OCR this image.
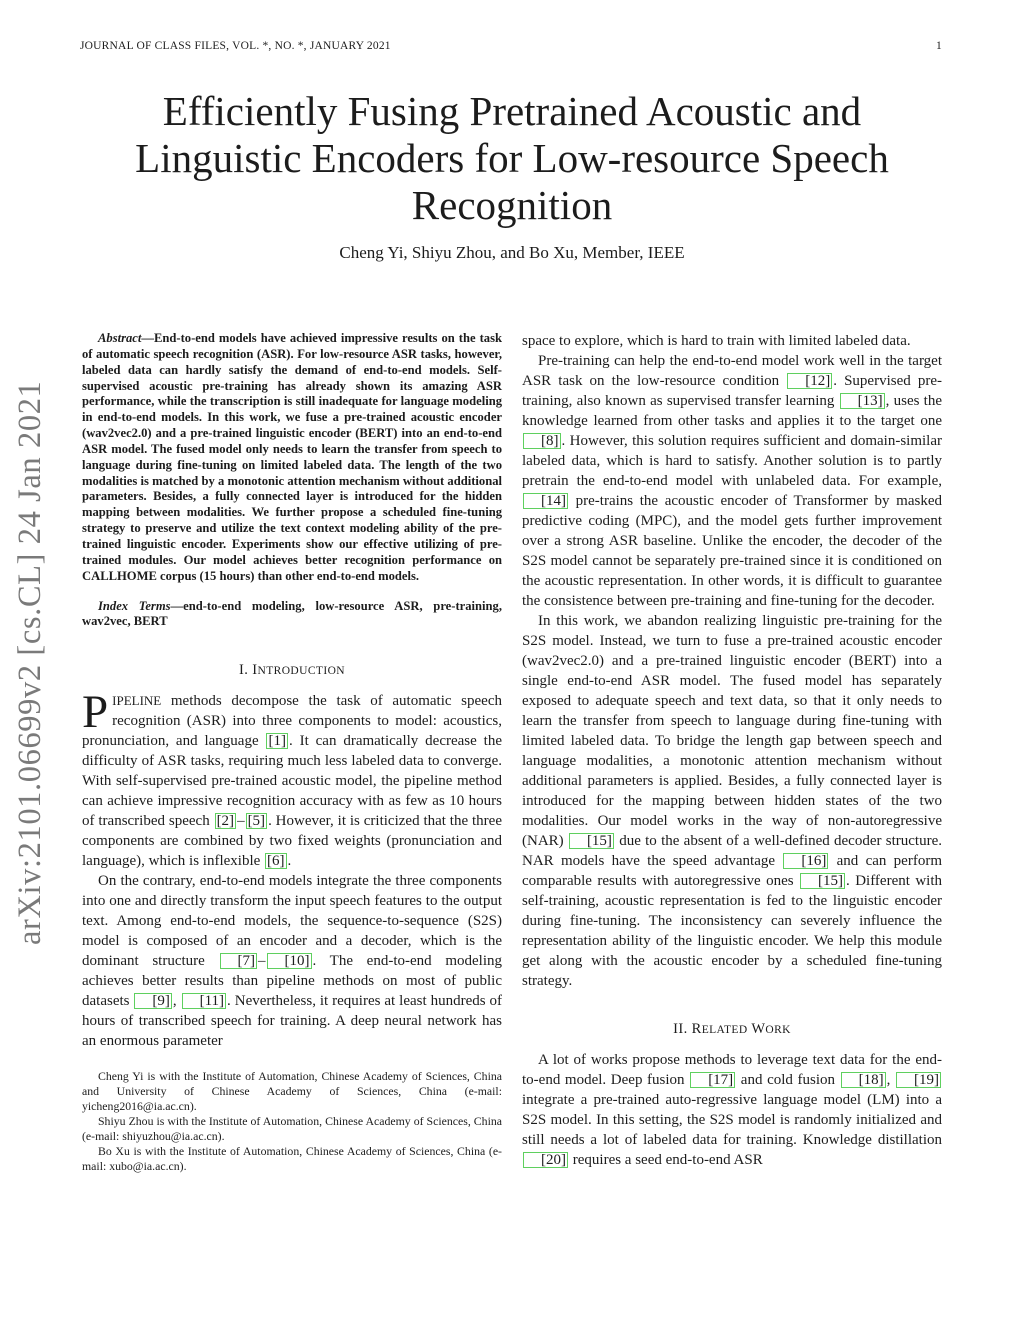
JOURNAL OF CLASS FILES, VOL. *, NO. *, JANUARY 2021	1
Efficiently Fusing Pretrained Acoustic and
Linguistic Encoders for Low-resource Speech
Recognition
Cheng Yi, Shiyu Zhou, and Bo Xu, Member, IEEE
arXiv:2101.06699v2 [cs.CL] 24 Jan 2021

Abstract—End-to-end models have achieved impressive results on the task of automatic speech recognition (ASR). For low-resource ASR tasks, however, labeled data can hardly satisfy the demand of end-to-end models. Self-supervised acoustic pre-training has already shown its amazing ASR performance, while the transcription is still inadequate for language modeling in end-to-end models. In this work, we fuse a pre-trained acoustic encoder (wav2vec2.0) and a pre-trained linguistic encoder (BERT) into an end-to-end ASR model. The fused model only needs to learn the transfer from speech to language during fine-tuning on limited labeled data. The length of the two modalities is matched by a monotonic attention mechanism without additional parameters. Besides, a fully connected layer is introduced for the hidden mapping between modalities. We further propose a scheduled fine-tuning strategy to preserve and utilize the text context modeling ability of the pre-trained linguistic encoder. Experiments show our effective utilizing of pre-trained modules. Our model achieves better recognition performance on CALLHOME corpus (15 hours) than other end-to-end models.

Index Terms—end-to-end modeling, low-resource ASR, pre-training, wav2vec, BERT

I. INTRODUCTION

PIPELINE methods decompose the task of automatic speech recognition (ASR) into three components to model: acoustics, pronunciation, and language [1] . It can dramatically decrease the difficulty of ASR tasks, requiring much less labeled data to converge. With self-supervised pre-trained acoustic model, the pipeline method can achieve impressive recognition accuracy with as few as 10 hours of transcribed speech [2] – [5] . However, it is criticized that the three components are combined by two fixed weights (pronunciation and language), which is inflexible [6] .

On the contrary, end-to-end models integrate the three components into one and directly transform the input speech features to the output text. Among end-to-end models, the sequence-to-sequence (S2S) model is composed of an encoder and a decoder, which is the dominant structure [7] – [10] . The end-to-end modeling achieves better results than pipeline methods on most of public datasets [9] , [11] . Nevertheless, it requires at least hundreds of hours of transcribed speech for training. A deep neural network has an enormous parameter

Cheng Yi is with the Institute of Automation, Chinese Academy of Sciences, China and University of Chinese Academy of Sciences, China (e-mail: yicheng2016@ia.ac.cn).

Shiyu Zhou is with the Institute of Automation, Chinese Academy of Sciences, China (e-mail: shiyuzhou@ia.ac.cn).

Bo Xu is with the Institute of Automation, Chinese Academy of Sciences, China (e-mail: xubo@ia.ac.cn).

space to explore, which is hard to train with limited labeled data.

Pre-training can help the end-to-end model work well in the target ASR task on the low-resource condition [12] . Supervised pre-training, also known as supervised transfer learning [13] , uses the knowledge learned from other tasks and applies it to the target one [8] . However, this solution requires sufficient and domain-similar labeled data, which is hard to satisfy. Another solution is to partly pretrain the end-to-end model with unlabeled data. For example, [14] pre-trains the acoustic encoder of Transformer by masked predictive coding (MPC), and the model gets further improvement over a strong ASR baseline. Unlike the encoder, the decoder of the S2S model cannot be separately pre-trained since it is conditioned on the acoustic representation. In other words, it is difficult to guarantee the consistence between pre-training and fine-tuning for the decoder.

In this work, we abandon realizing linguistic pre-training for the S2S model. Instead, we turn to fuse a pre-trained acoustic encoder (wav2vec2.0) and a pre-trained linguistic encoder (BERT) into a single end-to-end ASR model. The fused model has separately exposed to adequate speech and text data, so that it only needs to learn the transfer from speech to language during fine-tuning with limited labeled data. To bridge the length gap between speech and language modalities, a monotonic attention mechanism without additional parameters is applied. Besides, a fully connected layer is introduced for the mapping between hidden states of the two modalities. Our model works in the way of non-autoregressive (NAR) [15] due to the absent of a well-defined decoder structure. NAR models have the speed advantage [16] and can perform comparable results with autoregressive ones [15] . Different with self-training, acoustic representation is fed to the linguistic encoder during fine-tuning. The inconsistency can severely influence the representation ability of the linguistic encoder. We help this module get along with the acoustic encoder by a scheduled fine-tuning strategy.

II. RELATED WORK

A lot of works propose methods to leverage text data for the end-to-end model. Deep fusion [17] and cold fusion [18] , [19] integrate a pre-trained auto-regressive language model (LM) into a S2S model. In this setting, the S2S model is randomly initialized and still needs a lot of labeled data for training. Knowledge distillation [20] requires a seed end-to-end ASR
